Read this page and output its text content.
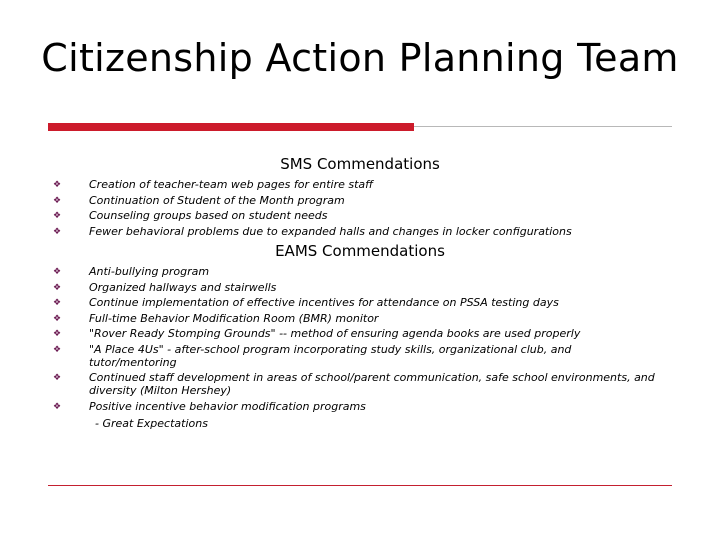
Citizenship Action Planning Team
SMS Commendations
❖	Creation of teacher-team web pages for entire staff
❖	Continuation of Student of the Month program
❖	Counseling groups based on student needs
❖	Fewer behavioral problems due to expanded halls and changes in locker configurations
EAMS Commendations
❖	Anti-bullying program
❖	Organized hallways and stairwells
❖	Continue implementation of effective incentives for attendance on PSSA testing days
❖	Full-time Behavior Modification Room (BMR) monitor
❖	"Rover Ready Stomping Grounds" -- method of ensuring agenda books are used properly
❖	"A Place 4Us" - after-school program incorporating study skills, organizational club, and tutor/mentoring
❖	Continued staff development in areas of school/parent communication, safe school environments, and diversity (Milton Hershey)
❖	Positive incentive behavior modification programs
- Great Expectations
